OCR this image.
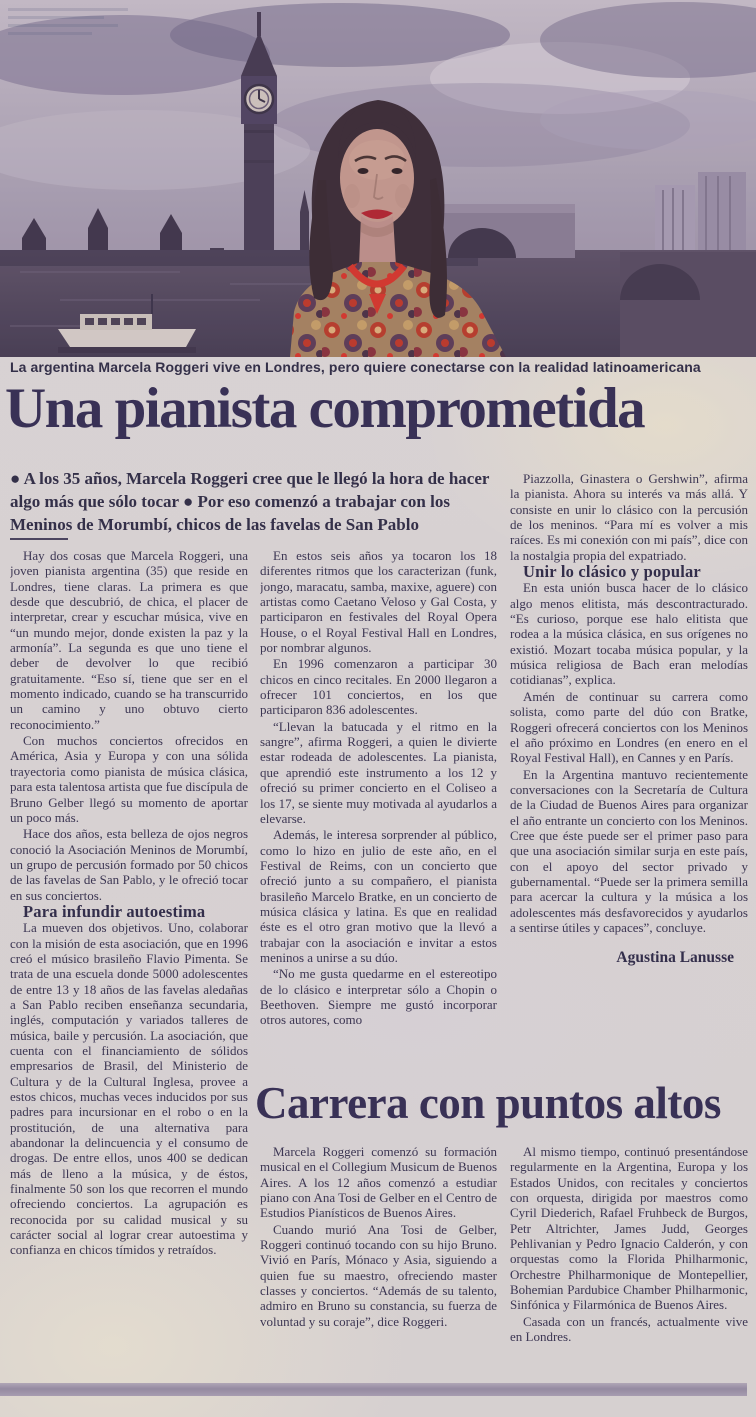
La argentina Marcela Roggeri vive en Londres, pero quiere conectarse con la realidad latinoamericana
Una pianista comprometida
● A los 35 años, Marcela Roggeri cree que le llegó la hora de hacer algo más que sólo tocar ● Por eso comenzó a trabajar con los Meninos de Morumbí, chicos de las favelas de San Pablo

Hay dos cosas que Marcela Roggeri, una joven pianista argentina (35) que reside en Londres, tiene claras. La primera es que desde que descubrió, de chica, el placer de interpretar, crear y escuchar música, vive en “un mundo mejor, donde existen la paz y la armonía”. La segunda es que uno tiene el deber de devolver lo que recibió gratuitamente. “Eso sí, tiene que ser en el momento indicado, cuando se ha transcurrido un camino y uno obtuvo cierto reconocimiento.”

Con muchos conciertos ofrecidos en América, Asia y Europa y con una sólida trayectoria como pianista de música clásica, para esta talentosa artista que fue discípula de Bruno Gelber llegó su momento de aportar un poco más.

Hace dos años, esta belleza de ojos negros conoció la Asociación Meninos de Morumbí, un grupo de percusión formado por 50 chicos de las favelas de San Pablo, y le ofreció tocar en sus conciertos.

Para infundir autoestima

La mueven dos objetivos. Uno, colaborar con la misión de esta asociación, que en 1996 creó el músico brasileño Flavio Pimenta. Se trata de una escuela donde 5000 adolescentes de entre 13 y 18 años de las favelas aledañas a San Pablo reciben enseñanza secundaria, inglés, computación y variados talleres de música, baile y percusión. La asociación, que cuenta con el financiamiento de sólidos empresarios de Brasil, del Ministerio de Cultura y de la Cultural Inglesa, provee a estos chicos, muchas veces inducidos por sus padres para incursionar en el robo o en la prostitución, de una alternativa para abandonar la delincuencia y el consumo de drogas. De entre ellos, unos 400 se dedican más de lleno a la música, y de éstos, finalmente 50 son los que recorren el mundo ofreciendo conciertos. La agrupación es reconocida por su calidad musical y su carácter social al lograr crear autoestima y confianza en chicos tímidos y retraídos.

En estos seis años ya tocaron los 18 diferentes ritmos que los caracterizan (funk, jongo, maracatu, samba, maxixe, aguere) con artistas como Caetano Veloso y Gal Costa, y participaron en festivales del Royal Opera House, o el Royal Festival Hall en Londres, por nombrar algunos.

En 1996 comenzaron a participar 30 chicos en cinco recitales. En 2000 llegaron a ofrecer 101 conciertos, en los que participaron 836 adolescentes.

“Llevan la batucada y el ritmo en la sangre”, afirma Roggeri, a quien le divierte estar rodeada de adolescentes. La pianista, que aprendió este instrumento a los 12 y ofreció su primer concierto en el Coliseo a los 17, se siente muy motivada al ayudarlos a elevarse.

Además, le interesa sorprender al público, como lo hizo en julio de este año, en el Festival de Reims, con un concierto que ofreció junto a su compañero, el pianista brasileño Marcelo Bratke, en un concierto de música clásica y latina. Es que en realidad éste es el otro gran motivo que la llevó a trabajar con la asociación e invitar a estos meninos a unirse a su dúo.

“No me gusta quedarme en el estereotipo de lo clásico e interpretar sólo a Chopin o Beethoven. Siempre me gustó incorporar otros autores, como

Piazzolla, Ginastera o Gershwin”, afirma la pianista. Ahora su interés va más allá. Y consiste en unir lo clásico con la percusión de los meninos. “Para mí es volver a mis raíces. Es mi conexión con mi país”, dice con la nostalgia propia del expatriado.

Unir lo clásico y popular

En esta unión busca hacer de lo clásico algo menos elitista, más descontracturado. “Es curioso, porque ese halo elitista que rodea a la música clásica, en sus orígenes no existió. Mozart tocaba música popular, y la música religiosa de Bach eran melodías cotidianas”, explica.

Amén de continuar su carrera como solista, como parte del dúo con Bratke, Roggeri ofrecerá conciertos con los Meninos el año próximo en Londres (en enero en el Royal Festival Hall), en Cannes y en París.

En la Argentina mantuvo recientemente conversaciones con la Secretaría de Cultura de la Ciudad de Buenos Aires para organizar el año entrante un concierto con los Meninos. Cree que éste puede ser el primer paso para que una asociación similar surja en este país, con el apoyo del sector privado y gubernamental. “Puede ser la primera semilla para acercar la cultura y la música a los adolescentes más desfavorecidos y ayudarlos a sentirse útiles y capaces”, concluye.

Agustina Lanusse
Carrera con puntos altos

Marcela Roggeri comenzó su formación musical en el Collegium Musicum de Buenos Aires. A los 12 años comenzó a estudiar piano con Ana Tosi de Gelber en el Centro de Estudios Pianísticos de Buenos Aires.

Cuando murió Ana Tosi de Gelber, Roggeri continuó tocando con su hijo Bruno. Vivió en París, Mónaco y Asia, siguiendo a quien fue su maestro, ofreciendo master classes y conciertos. “Además de su talento, admiro en Bruno su constancia, su fuerza de voluntad y su coraje”, dice Roggeri.

Al mismo tiempo, continuó presentándose regularmente en la Argentina, Europa y los Estados Unidos, con recitales y conciertos con orquesta, dirigida por maestros como Cyril Diederich, Rafael Fruhbeck de Burgos, Petr Altrichter, James Judd, Georges Pehlivanian y Pedro Ignacio Calderón, y con orquestas como la Florida Philharmonic, Orchestre Philharmonique de Montepellier, Bohemian Pardubice Chamber Philharmonic, Sinfónica y Filarmónica de Buenos Aires.

Casada con un francés, actualmente vive en Londres.
